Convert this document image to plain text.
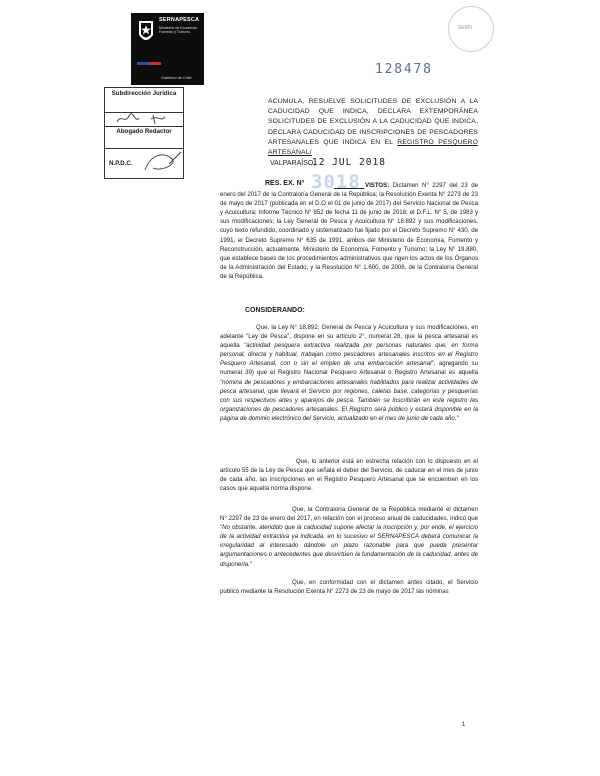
SERNAPESCA
Ministerio de Economía, Fomento y Turismo
Gobierno de Chile
SERN
128478
Subdirección Jurídica
Abogado Redactor
N.P.D.C.
ACUMULA, RESUELVE SOLICITUDES DE EXCLUSIÓN A LA CADUCIDAD QUE INDICA, DECLARA EXTEMPORÁNEA SOLICITUDES DE EXCLUSIÓN A LA CADUCIDAD QUE INDICA, DECLARA CADUCIDAD DE INSCRIPCIONES DE PESCADORES ARTESANALES QUE INDICA EN EL REGISTRO PESQUERO ARTESANAL/
VALPARAÍSO,
12 JUL 2018
3018
RES. EX. Nº	VISTOS: Dictamen N° 2297 del 23 de enero del 2017 de la Contraloría General de la República; la Resolución Exenta N° 2273 de 23 de mayo de 2017 (publicada en el D.O el 01 de junio de 2017) del Servicio Nacional de Pesca y Acuicultura; Informe Técnico N° 852 de fecha 11 de junio de 2018; el D.F.L. N° 5, de 1983 y sus modificaciones; la Ley General de Pesca y Acuicultura N° 18.892 y sus modificaciones, cuyo texto refundido, coordinado y sistematizado fue fijado por el Decreto Supremo N° 430, de 1991, el Decreto Supremo N° 635 de 1991, ambos del Ministerio de Economía, Fomento y Reconstrucción, actualmente, Ministerio de Economía, Fomento y Turismo; la Ley N° 19.880, que establece bases de los procedimientos administrativos que rigen los actos de los Órganos de la Administración del Estado, y la Resolución N° 1.600, de 2008, de la Contraloría General de la República.

CONSIDERANDO:

Que, la Ley N° 18.892, General de Pesca y Acuicultura y sus modificaciones, en adelante "Ley de Pesca", dispone en su artículo 2°, numeral 28, que la pesca artesanal es aquella "actividad pesquera extractiva realizada por personas naturales que, en forma personal, directa y habitual, trabajan como pescadores artesanales inscritos en el Registro Pesquero Artesanal, con o sin el empleo de una embarcación artesanal", agregando su numeral 39) que el Registro Nacional Pesquero Artesanal o Registro Artesanal es aquella "nómina de pescadores y embarcaciones artesanales habilitados para realizar actividades de pesca artesanal, que llevará el Servicio por regiones, caletas base, categorías y pesquerías con sus respectivos artes y aparejos de pesca. También se inscribirán en este registro las organizaciones de pescadores artesanales. El Registro será público y estará disponible en la página de dominio electrónico del Servicio, actualizado en el mes de junio de cada año."

Que, lo anterior está en estrecha relación con lo dispuesto en el artículo 55 de la Ley de Pesca que señala el deber del Servicio, de caducar en el mes de junio de cada año, las inscripciones en el Registro Pesquero Artesanal que se encuentren en los casos que aquella norma dispone.

Que, la Contraloría General de la República mediante el dictamen N° 2297 de 23 de enero del 2017, en relación con el proceso anual de caducidades, indicó que "No obstante, atendido que la caducidad supone afectar la inscripción y, por ende, el ejercicio de la actividad extractiva ya indicada, en lo sucesivo el SERNAPESCA deberá comunicar la irregularidad al interesado dándole un plazo razonable para que pueda presentar argumentaciones o antecedentes que desvirtúen la fundamentación de la caducidad, antes de disponerla."

Que, en conformidad con el dictamen antes citado, el Servicio publicó mediante la Resolución Exenta N° 2273 de 23 de mayo de 2017 las nóminas

1
